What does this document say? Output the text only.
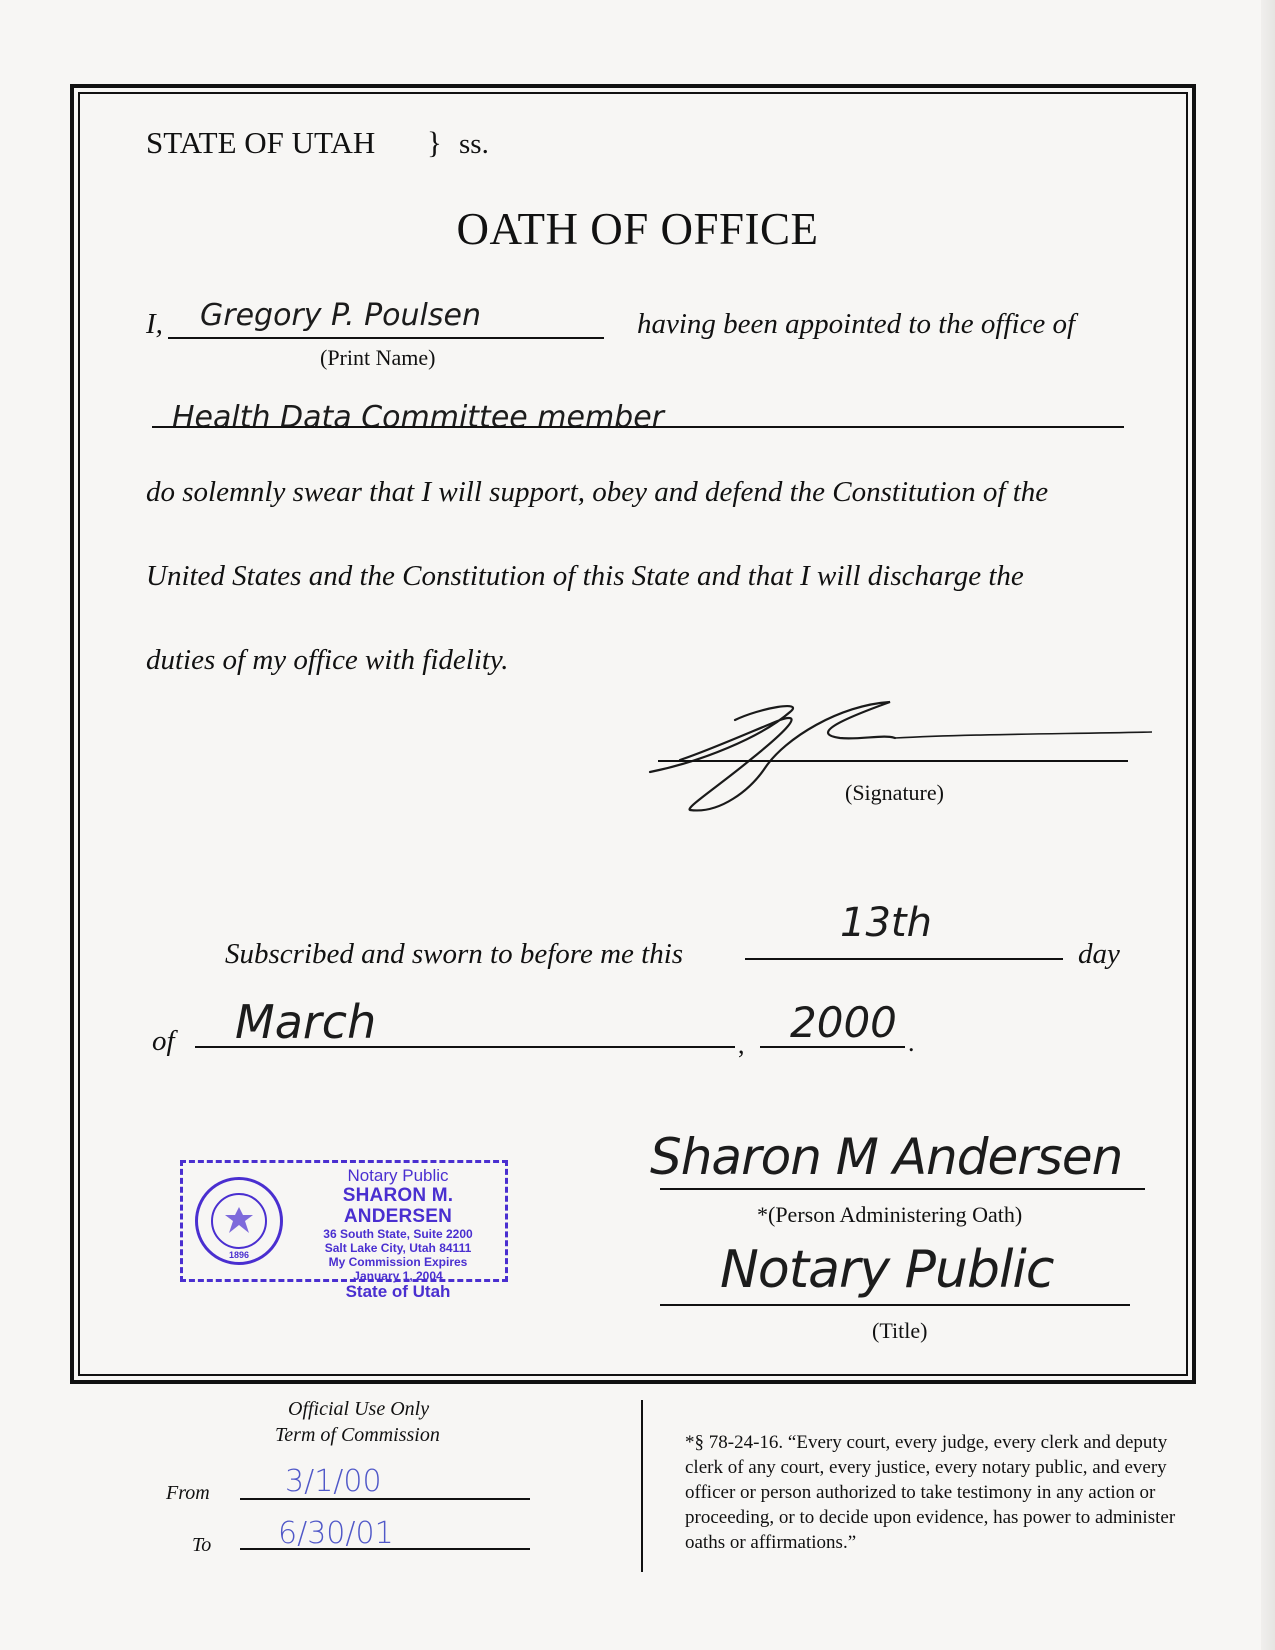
STATE OF UTAH } ss.
OATH OF OFFICE
I, Gregory P. Poulsen
(Print Name)
having been appointed to the office of
Health Data Committee member
do solemnly swear that I will support, obey and defend the Constitution of the
United States and the Constitution of this State and that I will discharge the
duties of my office with fidelity.
(Signature)
Subscribed and sworn to before me this
13th
day
of March	, 2000 .
1896
Notary Public
SHARON M. ANDERSEN
36 South State, Suite 2200
Salt Lake City, Utah 84111
My Commission Expires
January 1, 2004
State of Utah
Sharon M Andersen
*(Person Administering Oath)
Notary Public
(Title)
Official Use Only
Term of Commission
From	3/1/00
To 6/30/01
*§ 78-24-16. “Every court, every judge, every clerk and deputy clerk of any court, every justice, every notary public, and every officer or person authorized to take testimony in any action or proceeding, or to decide upon evidence, has power to administer oaths or affirmations.”
